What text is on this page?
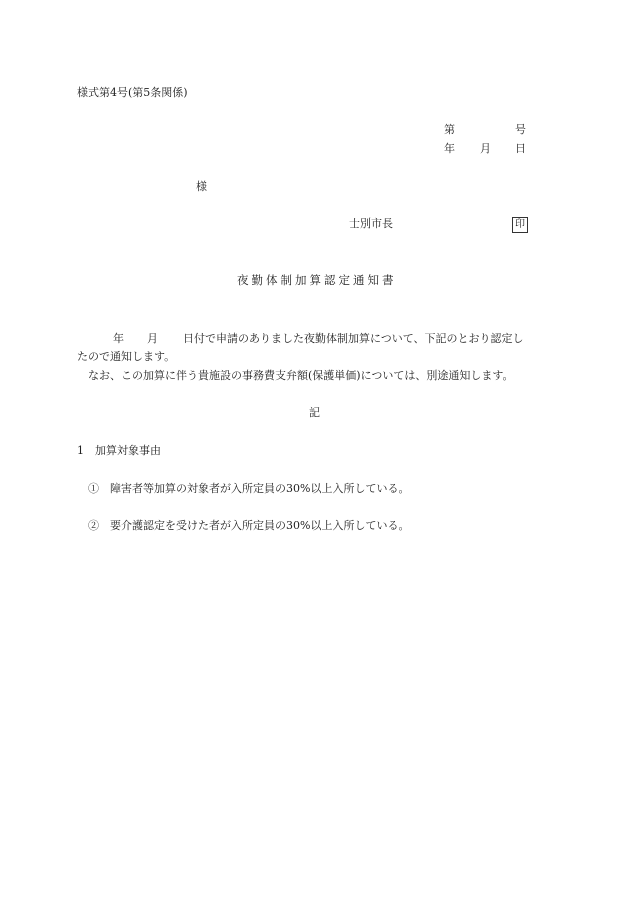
様式第4号(第5条関係)
第	号
年 月 日
様
士別市長	印
夜勤体制加算認定通知書
年 月 日付で申請のありました夜勤体制加算について、下記のとおり認定し
たので通知します。
なお、この加算に伴う貴施設の事務費支弁額(保護単価)については、別途通知します。
記
1　加算対象事由
①　障害者等加算の対象者が入所定員の30%以上入所している。
②　要介護認定を受けた者が入所定員の30%以上入所している。
